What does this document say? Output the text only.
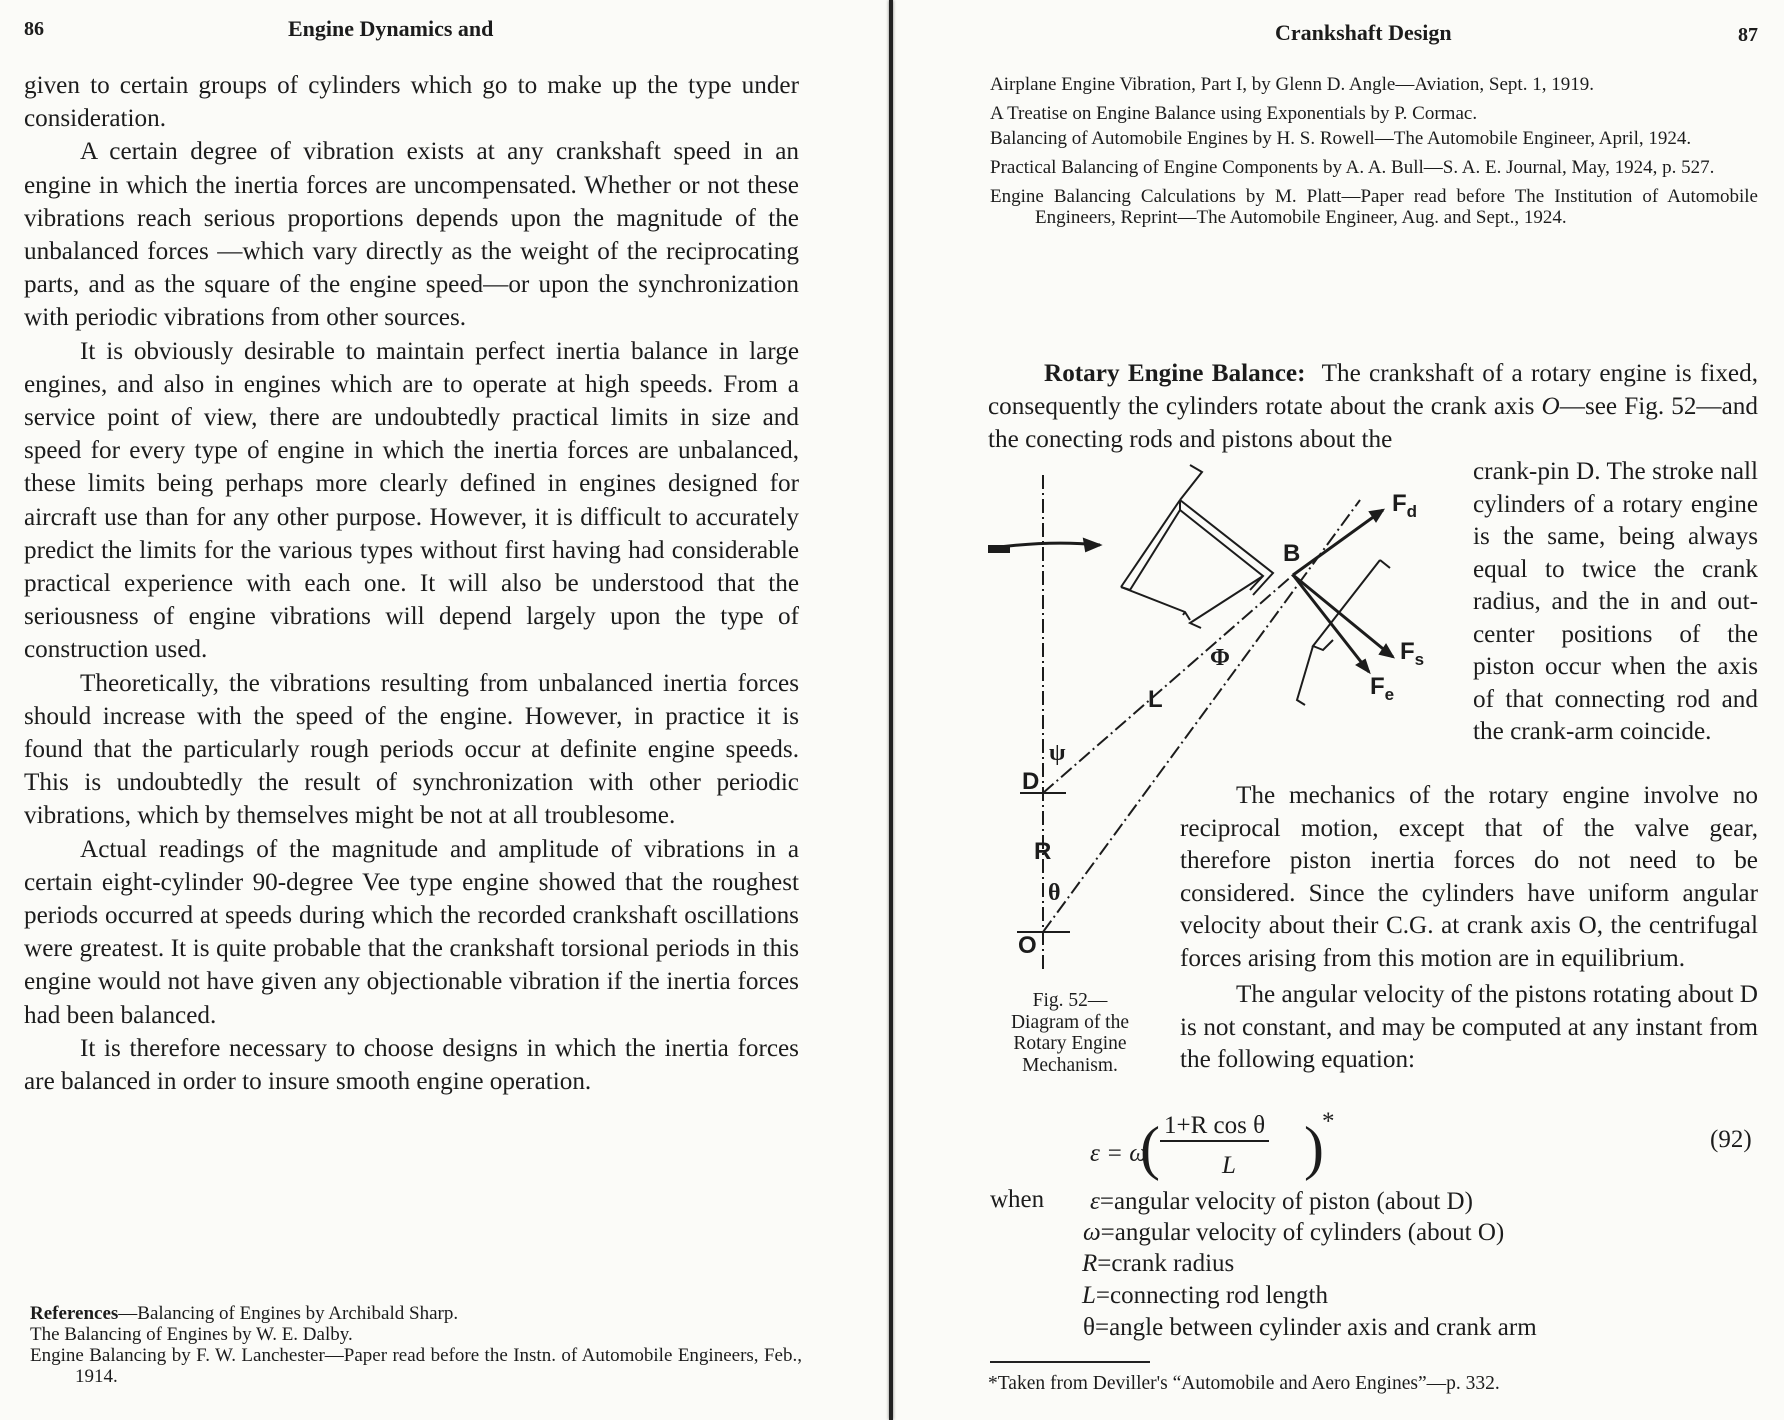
86	Engine Dynamics and

given to certain groups of cylinders which go to make up the type under consideration.

A certain degree of vibration exists at any crankshaft speed in an engine in which the inertia forces are uncompensated. Whether or not these vibrations reach serious proportions depends upon the magnitude of the unbalanced forces —which vary directly as the weight of the reciprocating parts, and as the square of the engine speed—or upon the synchronization with periodic vibrations from other sources.

It is obviously desirable to maintain perfect inertia balance in large engines, and also in engines which are to operate at high speeds. From a service point of view, there are undoubtedly practical limits in size and speed for every type of engine in which the inertia forces are unbalanced, these limits being perhaps more clearly defined in engines designed for aircraft use than for any other purpose. However, it is difficult to accurately predict the limits for the various types without first having had considerable practical experience with each one. It will also be understood that the seriousness of engine vibrations will depend largely upon the type of construction used.

Theoretically, the vibrations resulting from unbalanced inertia forces should increase with the speed of the engine. However, in practice it is found that the particularly rough periods occur at definite engine speeds. This is undoubtedly the result of synchronization with other periodic vibrations, which by themselves might be not at all troublesome.

Actual readings of the magnitude and amplitude of vibrations in a certain eight-cylinder 90-degree Vee type engine showed that the roughest periods occurred at speeds during which the recorded crankshaft oscillations were greatest. It is quite probable that the crankshaft torsional periods in this engine would not have given any objectionable vibration if the inertia forces had been balanced.

It is therefore necessary to choose designs in which the inertia forces are balanced in order to insure smooth engine operation.

References—Balancing of Engines by Archibald Sharp.

The Balancing of Engines by W. E. Dalby.

Engine Balancing by F. W. Lanchester—Paper read before the Instn. of Automobile Engineers, Feb., 1914.

Crankshaft Design	87

Airplane Engine Vibration, Part I, by Glenn D. Angle—Aviation, Sept. 1, 1919.

A Treatise on Engine Balance using Exponentials by P. Cormac.

Balancing of Automobile Engines by H. S. Rowell—The Automobile Engineer, April, 1924.

Practical Balancing of Engine Components by A. A. Bull—S. A. E. Journal, May, 1924, p. 527.

Engine Balancing Calculations by M. Platt—Paper read before The Institution of Automobile Engineers, Reprint—The Automobile Engineer, Aug. and Sept., 1924.

Rotary Engine Balance: The crankshaft of a rotary engine is fixed, consequently the cylinders rotate about the crank axis O—see Fig. 52—and the conecting rods and pistons about the

crank-pin D. The stroke nall cylinders of a rotary engine is the same, being always equal to twice the crank radius, and the in and out-center positions of the piston occur when the axis of that connecting rod and the crank-arm coincide.

The mechanics of the rotary engine involve no reciprocal motion, except that of the valve gear, therefore piston inertia forces do not need to be considered. Since the cylinders have uniform angular velocity about their C.G. at crank axis O, the centrifugal forces arising from this motion are in equilibrium.

The angular velocity of the pistons rotating about D is not constant, and may be computed at any instant from the following equation:

B
$F_d$
$F_s$
$F_e$
L
Φ
ψ
D
R
θ
O
Fig. 52— Diagram of the Rotary Engine Mechanism.
ε = ω
( 1+R cos θ
L )
*
(92)
when ε=angular velocity of piston (about D)
ω=angular velocity of cylinders (about O)
R=crank radius
L=connecting rod length
θ=angle between cylinder axis and crank arm
*Taken from Deviller's “Automobile and Aero Engines”—p. 332.
